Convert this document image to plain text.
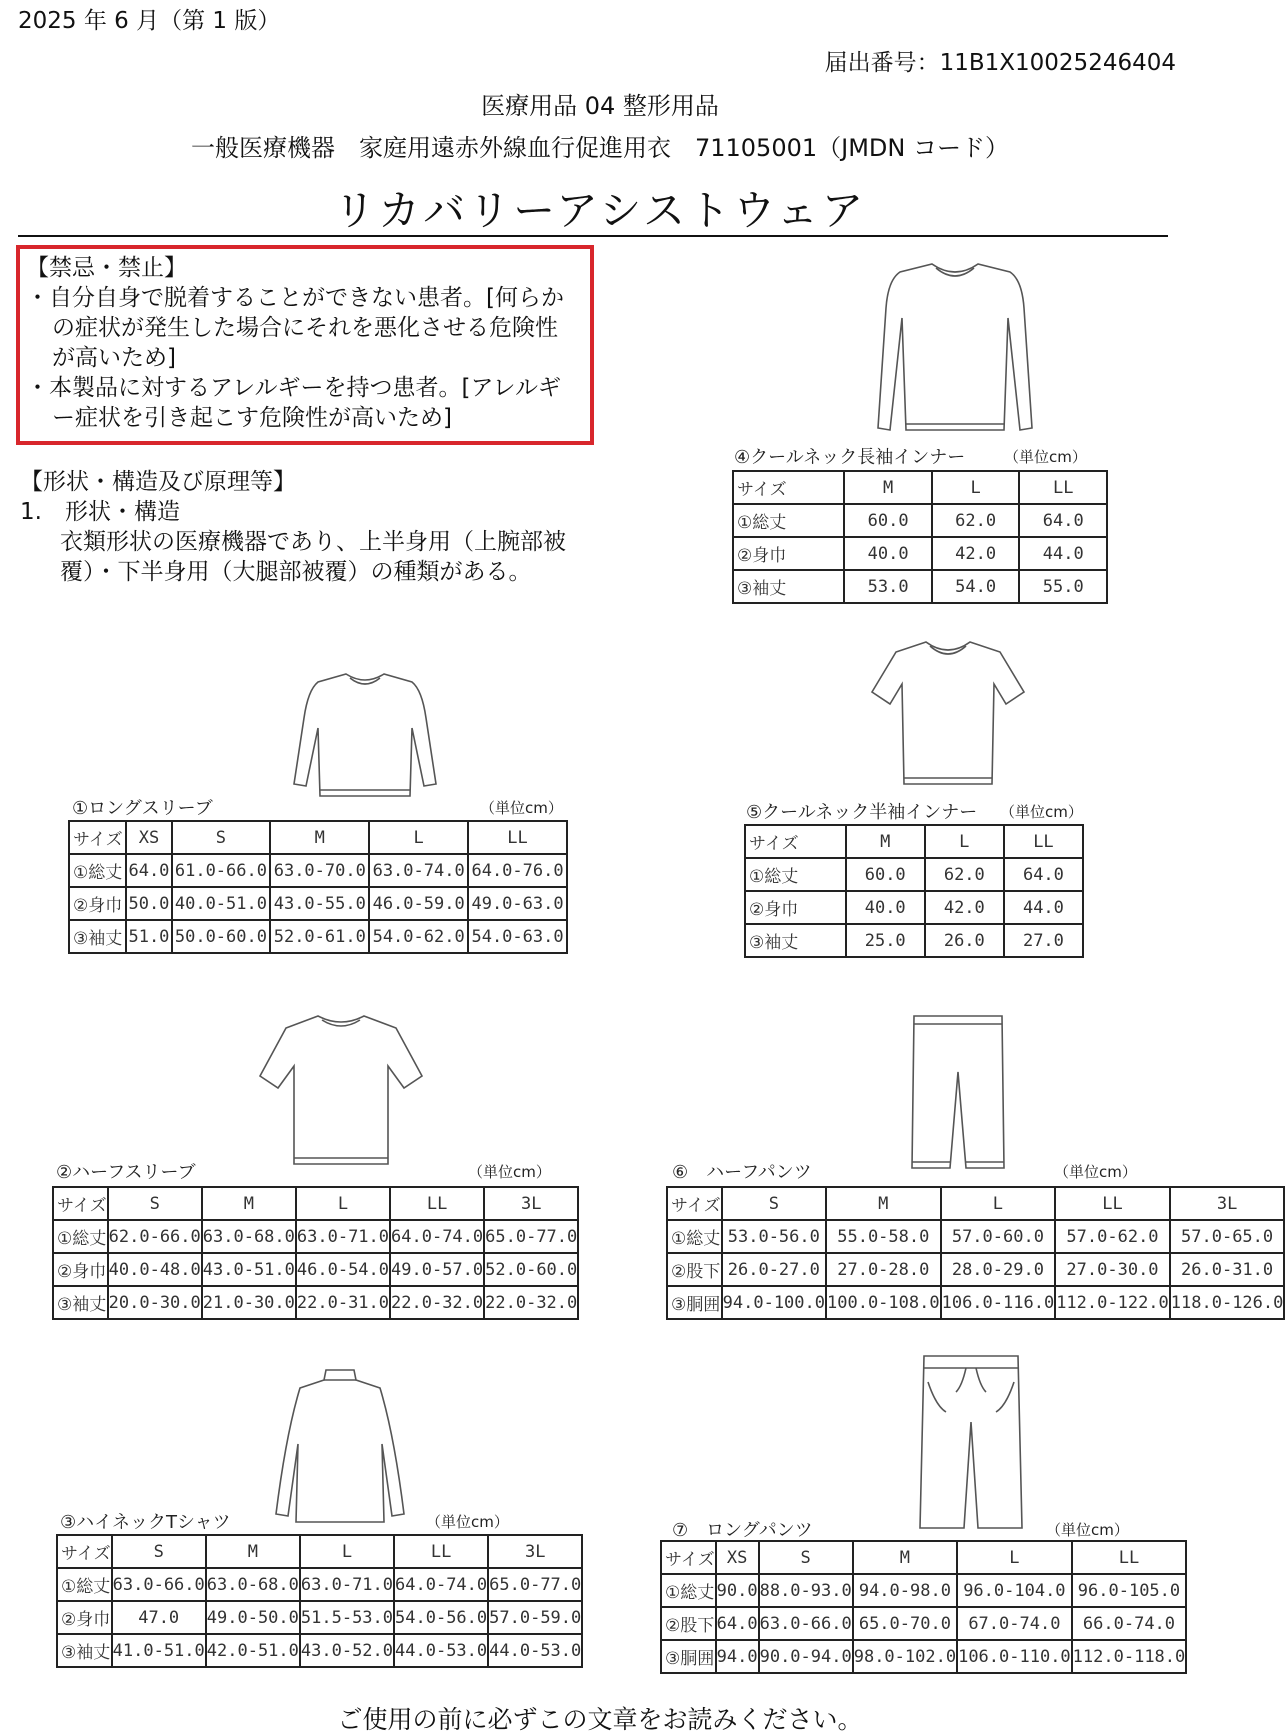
2025 年 6 月（第 1 版）
届出番号：11B1X10025246404
医療用品 04 整形用品
一般医療機器　家庭用遠赤外線血行促進用衣　71105001（JMDN コード）
リカバリーアシストウェア
【禁忌・禁止】
・自分自身で脱着することができない患者。[何らか
の症状が発生した場合にそれを悪化させる危険性
が高いため]
・本製品に対するアレルギーを持つ患者。[アレルギ
ー症状を引き起こす危険性が高いため]
【形状・構造及び原理等】
1.　形状・構造
衣類形状の医療機器であり、上半身用（上腕部被
覆）・下半身用（大腿部被覆）の種類がある。
④クールネック長袖インナー	（単位cm）
①ロングスリーブ	（単位cm）	⑤クールネック半袖インナー （単位cm）
②ハーフスリーブ	（単位cm）	⑥　ハーフパンツ	（単位cm）
③ハイネックTシャツ	（単位cm）	⑦　ロングパンツ	（単位cm）
サイズ	M	L	LL
①総丈	60.0	62.0	64.0
②身巾	40.0	42.0	44.0
③袖丈	53.0	54.0	55.0
サイズ	XS	S	M	L	LL
①総丈	64.0	61.0-66.0	63.0-70.0	63.0-74.0	64.0-76.0
②身巾	50.0	40.0-51.0	43.0-55.0	46.0-59.0	49.0-63.0
③袖丈	51.0	50.0-60.0	52.0-61.0	54.0-62.0	54.0-63.0
サイズ	M	L	LL
①総丈	60.0	62.0	64.0
②身巾	40.0	42.0	44.0
③袖丈	25.0	26.0	27.0
サイズ	S	M	L	LL	3L
①総丈	62.0-66.0	63.0-68.0	63.0-71.0	64.0-74.0	65.0-77.0
②身巾	40.0-48.0	43.0-51.0	46.0-54.0	49.0-57.0	52.0-60.0
③袖丈	20.0-30.0	21.0-30.0	22.0-31.0	22.0-32.0	22.0-32.0
サイズ	S	M	L	LL	3L
①総丈	53.0-56.0	55.0-58.0	57.0-60.0	57.0-62.0	57.0-65.0
②股下	26.0-27.0	27.0-28.0	28.0-29.0	27.0-30.0	26.0-31.0
③胴囲	94.0-100.0	100.0-108.0	106.0-116.0	112.0-122.0	118.0-126.0
サイズ	S	M	L	LL	3L
①総丈	63.0-66.0	63.0-68.0	63.0-71.0	64.0-74.0	65.0-77.0
②身巾	47.0	49.0-50.0	51.5-53.0	54.0-56.0	57.0-59.0
③袖丈	41.0-51.0	42.0-51.0	43.0-52.0	44.0-53.0	44.0-53.0
サイズ	XS	S	M	L	LL
①総丈	90.0	88.0-93.0	94.0-98.0	96.0-104.0	96.0-105.0
②股下	64.0	63.0-66.0	65.0-70.0	67.0-74.0	66.0-74.0
③胴囲	94.0	90.0-94.0	98.0-102.0	106.0-110.0	112.0-118.0
ご使用の前に必ずこの文章をお読みください。
